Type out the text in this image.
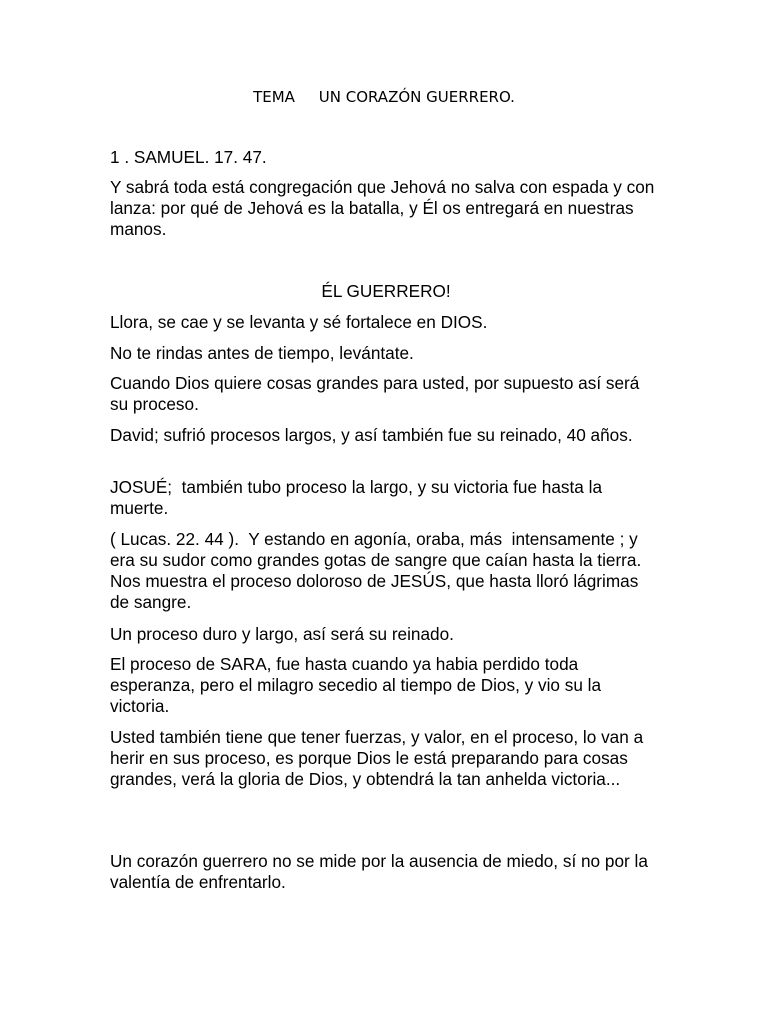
TEMA     UN CORAZÓN GUERRERO.

1 . SAMUEL. 17. 47.

Y sabrá toda está congregación que Jehová no salva con espada y con lanza: por qué de Jehová es la batalla, y Él os entregará en nuestras manos.

ÉL GUERRERO!

Llora, se cae y se levanta y sé fortalece en DIOS.

No te rindas antes de tiempo, levántate.

Cuando Dios quiere cosas grandes para usted, por supuesto así será su proceso.

David; sufrió procesos largos, y así también fue su reinado, 40 años.

JOSUÉ;  también tubo proceso la largo, y su victoria fue hasta la muerte.

( Lucas. 22. 44 ).  Y estando en agonía, oraba, más  intensamente ; y era su sudor como grandes gotas de sangre que caían hasta la tierra.           Nos muestra el proceso doloroso de JESÚS, que hasta lloró lágrimas de sangre.

Un proceso duro y largo, así será su reinado.

El proceso de SARA, fue hasta cuando ya habia perdido toda esperanza, pero el milagro secedio al tiempo de Dios, y vio su la victoria.

Usted también tiene que tener fuerzas, y valor, en el proceso, lo van a herir en sus proceso, es porque Dios le está preparando para cosas grandes, verá la gloria de Dios, y obtendrá la tan anhelda victoria...

Un corazón guerrero no se mide por la ausencia de miedo, sí no por la valentía de enfrentarlo.
